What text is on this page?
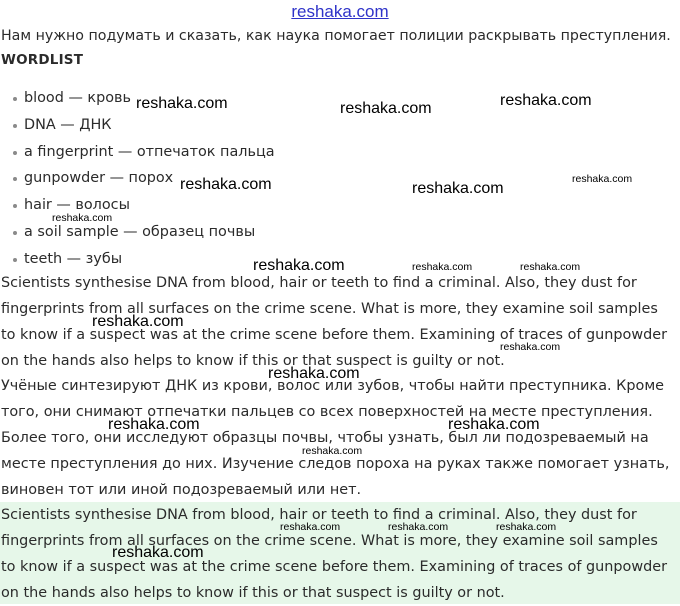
reshaka.com
Нам нужно подумать и сказать, как наука помогает полиции раскрывать преступления.
WORDLIST
blood — кровь
DNA — ДНК
a fingerprint — отпечаток пальца
gunpowder — порох
hair — волосы
a soil sample — образец почвы
teeth — зубы

Scientists synthesise DNA from blood, hair or teeth to find a criminal. Also, they dust for
fingerprints from all surfaces on the crime scene. What is more, they examine soil samples
to know if a suspect was at the crime scene before them. Examining of traces of gunpowder
on the hands also helps to know if this or that suspect is guilty or not.

Учёные синтезируют ДНК из крови, волос или зубов, чтобы найти преступника. Кроме
того, они снимают отпечатки пальцев со всех поверхностей на месте преступления.
Более того, они исследуют образцы почвы, чтобы узнать, был ли подозреваемый на
месте преступления до них. Изучение следов пороха на руках также помогает узнать,
виновен тот или иной подозреваемый или нет.

Scientists synthesise DNA from blood, hair or teeth to find a criminal. Also, they dust for
fingerprints from all surfaces on the crime scene. What is more, they examine soil samples
to know if a suspect was at the crime scene before them. Examining of traces of gunpowder
on the hands also helps to know if this or that suspect is guilty or not.

reshaka.com	reshaka.com	reshaka.com
reshaka.com	reshaka.com
reshaka.com
reshaka.com
reshaka.com	reshaka.com	reshaka.com
reshaka.com
reshaka.com
reshaka.com
reshaka.com	reshaka.com
reshaka.com
reshaka.com	reshaka.com	reshaka.com
reshaka.com
